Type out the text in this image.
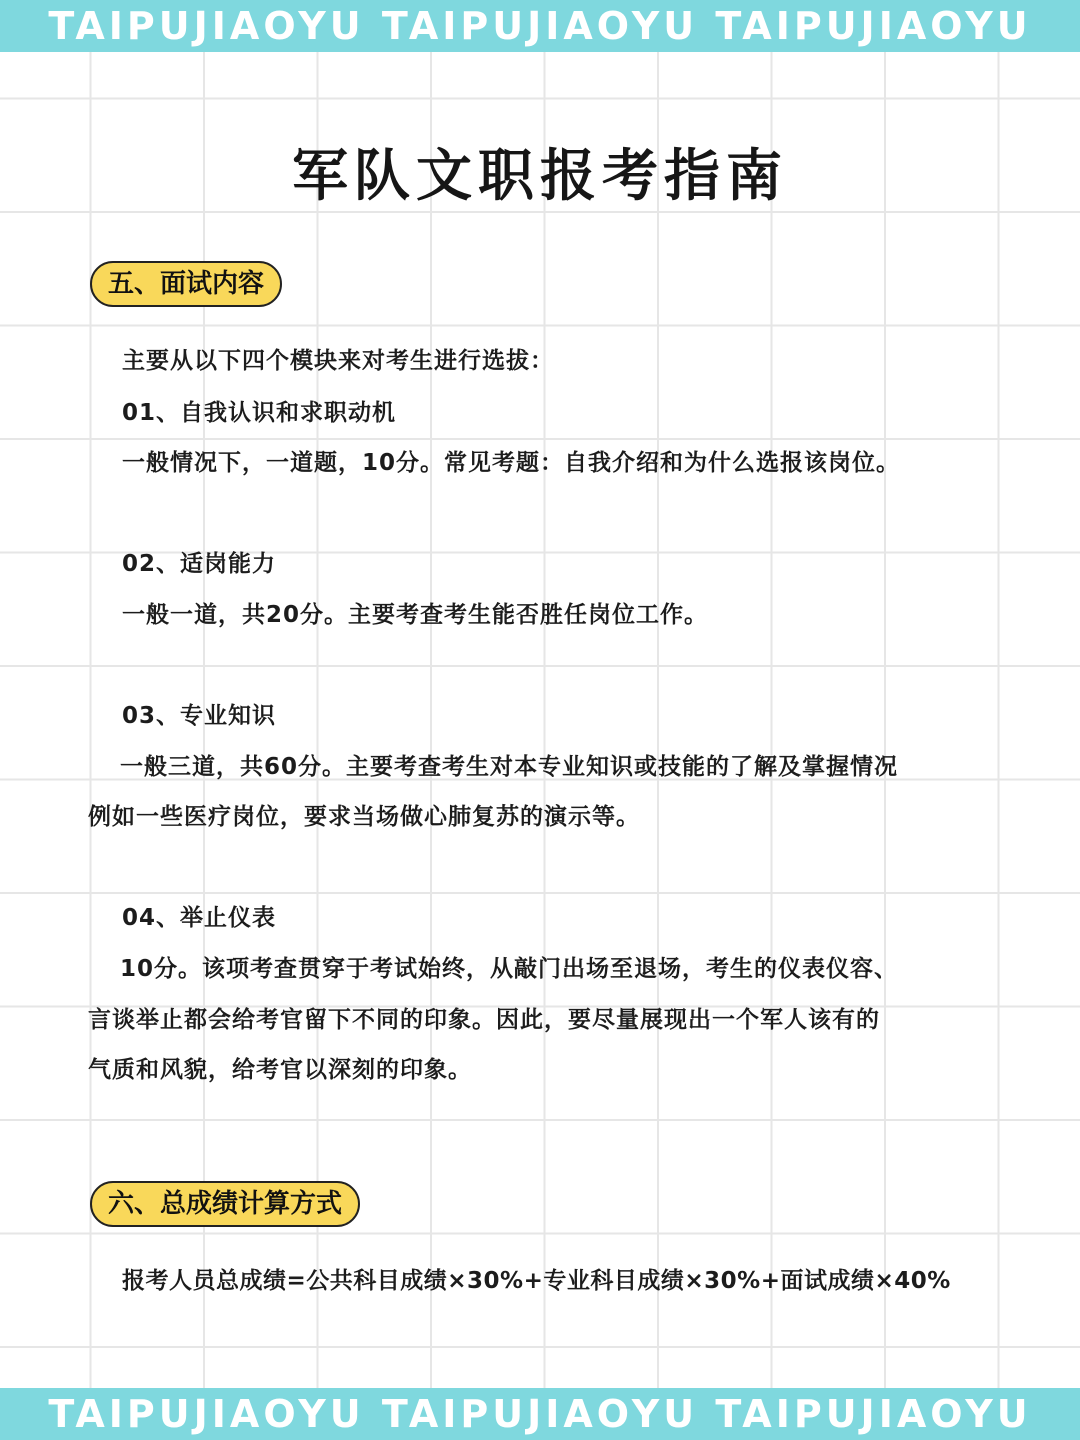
TAIPUJIAOYU TAIPUJIAOYU TAIPUJIAOYU
军队文职报考指南
五、面试内容
主要从以下四个模块来对考生进行选拔：
01、自我认识和求职动机
一般情况下，一道题，10分。常见考题：自我介绍和为什么选报该岗位。
02、适岗能力
一般一道，共20分。主要考查考生能否胜任岗位工作。
03、专业知识
一般三道，共60分。主要考查考生对本专业知识或技能的了解及掌握情况
例如一些医疗岗位，要求当场做心肺复苏的演示等。
04、举止仪表
10分。该项考查贯穿于考试始终，从敲门出场至退场，考生的仪表仪容、
言谈举止都会给考官留下不同的印象。因此，要尽量展现出一个军人该有的
气质和风貌，给考官以深刻的印象。
六、总成绩计算方式
报考人员总成绩=公共科目成绩×30%+专业科目成绩×30%+面试成绩×40%
TAIPUJIAOYU TAIPUJIAOYU TAIPUJIAOYU
